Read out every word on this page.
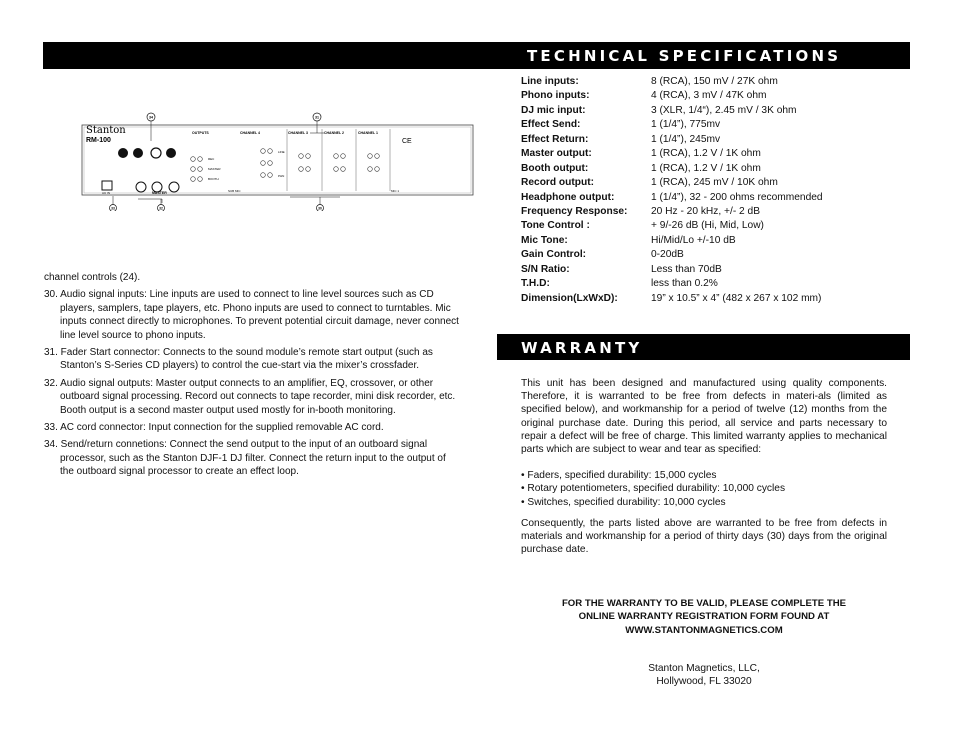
TECHNICAL SPECIFICATIONS
Stanton
RM-100
OUTPUTS	CHANNEL 4	CHANNEL 3	CHANNEL 2	CHANNEL 1
AC IN	MASTER
REC
MASTER
BOOTH
LINE
PHN
SUB MIC	MIC 1
CE
34	31
33	32	30

channel controls (24).

30. Audio signal inputs: Line inputs are used to connect to line level sources such as CD players, samplers, tape players, etc. Phono inputs are used to connect to turntables. Mic inputs connect directly to microphones. To prevent potential circuit damage, never connect line level source to phono inputs.

31. Fader Start connector: Connects to the sound module’s remote start output (such as Stanton’s S-Series CD players) to control the cue-start via the mixer’s crossfader.

32. Audio signal outputs: Master output connects to an amplifier, EQ, crossover, or other outboard signal processing. Record out connects to tape recorder, mini disk recorder, etc. Booth output is a second master output used mostly for in-booth monitoring.

33. AC cord connector: Input connection for the supplied removable AC cord.

34. Send/return connetions: Connect the send output to the input of an outboard signal processor, such as the Stanton DJF-1 DJ filter. Connect the return input to the output of the outboard signal processor to create an effect loop.

Line inputs:	8 (RCA), 150 mV / 27K ohm
Phono inputs:	4 (RCA), 3 mV / 47K ohm
DJ mic input:	3 (XLR, 1/4“), 2.45 mV / 3K ohm
Effect Send:	1 (1/4”), 775mv
Effect Return:	1 (1/4”), 245mv
Master output:	1 (RCA), 1.2 V / 1K ohm
Booth output:	1 (RCA), 1.2 V / 1K ohm
Record output:	1 (RCA), 245 mV / 10K ohm
Headphone output:	1 (1/4”), 32 - 200 ohms recommended
Frequency Response: 20 Hz - 20 kHz, +/- 2 dB
Tone Control :	+ 9/-26 dB (Hi, Mid, Low)
Mic Tone:	Hi/Mid/Lo +/-10 dB
Gain Control:	0-20dB
S/N Ratio:	Less than 70dB
T.H.D:	less than 0.2%
Dimension(LxWxD):	19” x 10.5” x 4” (482 x 267 x 102 mm)
WARRANTY

This unit has been designed and manufactured using quality components. Therefore, it is warranted to be free from defects in materi-als (limited as specified below), and workmanship for a period of twelve (12) months from the original purchase date. During this period, all service and parts necessary to repair a defect will be free of charge. This limited warranty applies to mechanical parts which are subject to wear and tear as specified:

• Faders, specified durability: 15,000 cycles
• Rotary potentiometers, specified durability: 10,000 cycles
• Switches, specified durability: 10,000 cycles

Consequently, the parts listed above are warranted to be free from defects in materials and workmanship for a period of thirty days (30) days from the original purchase date.

FOR THE WARRANTY TO BE VALID, PLEASE COMPLETE THE
ONLINE WARRANTY REGISTRATION FORM FOUND AT
WWW.STANTONMAGNETICS.COM
Stanton Magnetics, LLC,
Hollywood, FL 33020
